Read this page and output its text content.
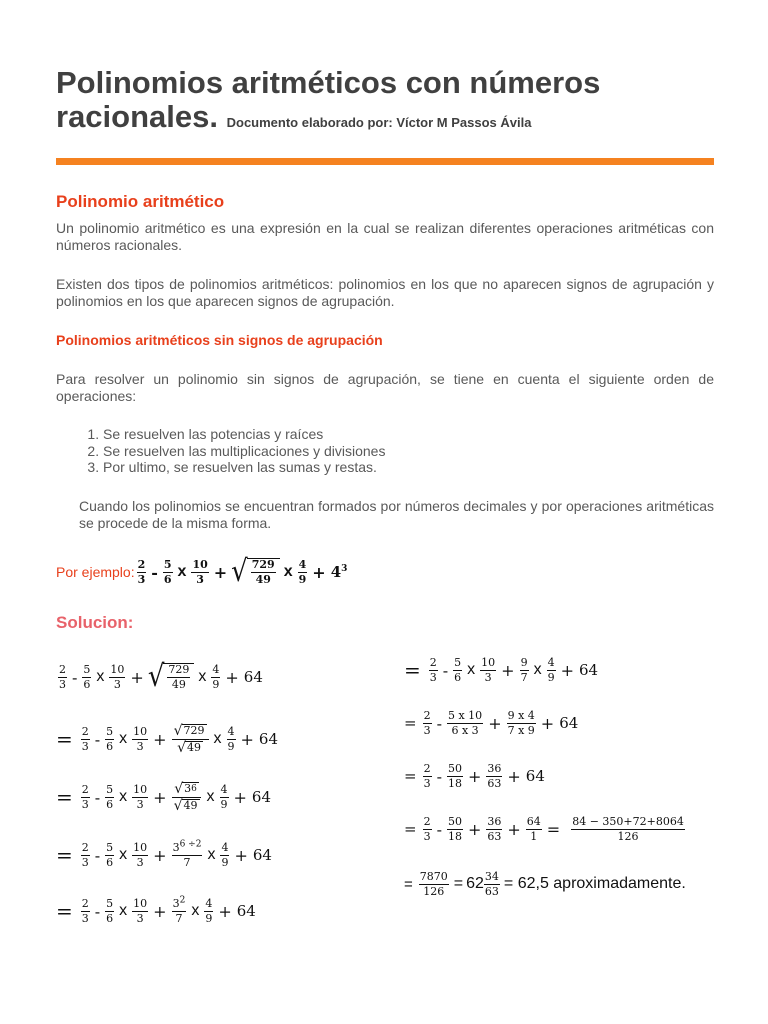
Polinomios aritméticos con números
racionales. Documento elaborado por: Víctor M Passos Ávila
Polinomio aritmético

Un polinomio aritmético es una expresión en la cual se realizan diferentes operaciones aritméticas con números racionales.

Existen dos tipos de polinomios aritméticos: polinomios en los que no aparecen signos de agrupación y polinomios en los que aparecen signos de agrupación.

Polinomios aritméticos sin signos de agrupación

Para resolver un polinomio sin signos de agrupación, se tiene en cuenta el siguiente orden de operaciones:

1. Se resuelven las potencias y raíces
2. Se resuelven las multiplicaciones y divisiones
3. Por ultimo, se resuelven las sumas y restas.

Cuando los polinomios se encuentran formados por números decimales y por operaciones aritméticas se procede de la misma forma.

Por ejemplo: $\frac{2}{3} - \frac{5}{6}$ x $\frac{10}{3}$ + √ $\frac{729}{49}$ x $\frac{4}{9} + 4^3$
Solucion:
$\frac{2}{3} - \frac{5}{6}$ x $\frac{10}{3}$ + √ $\frac{729}{49}$ x $\frac{4}{9} + 64$
= $\frac{2}{3} - \frac{5}{6}$ x $\frac{10}{3} + \frac{√ 729}{√ 49}$ x $\frac{4}{9} + 64$
= $\frac{2}{3} - \frac{5}{6}$ x $\frac{10}{3} + \frac{√ 3 6}{√ 49}$ x $\frac{4}{9} + 64$
= $\frac{2}{3} - \frac{5}{6}$ x $\frac{10}{3} + \frac{3^{6 \div 2}}{7}$ x $\frac{4}{9} + 64$
= $\frac{2}{3} - \frac{5}{6}$ x $\frac{10}{3} + \frac{3^2}{7}$ x $\frac{4}{9} + 64$
= $\frac{2}{3} - \frac{5}{6}$ x $\frac{10}{3} + \frac{9}{7}$ x $\frac{4}{9} + 64$
= $\frac{2}{3} - \frac{5 x 10}{6 x 3} + \frac{9 x 4}{7 x 9} + 64$
= $\frac{2}{3} - \frac{50}{18} + \frac{36}{63} + 64$
= $\frac{2}{3} - \frac{50}{18} + \frac{36}{63} + \frac{64}{1} = \frac{84 - 350+72+8064}{126}$
= $\frac{7870}{126} = 62 \frac{34}{63} = 62,5$ aproximadamente.
